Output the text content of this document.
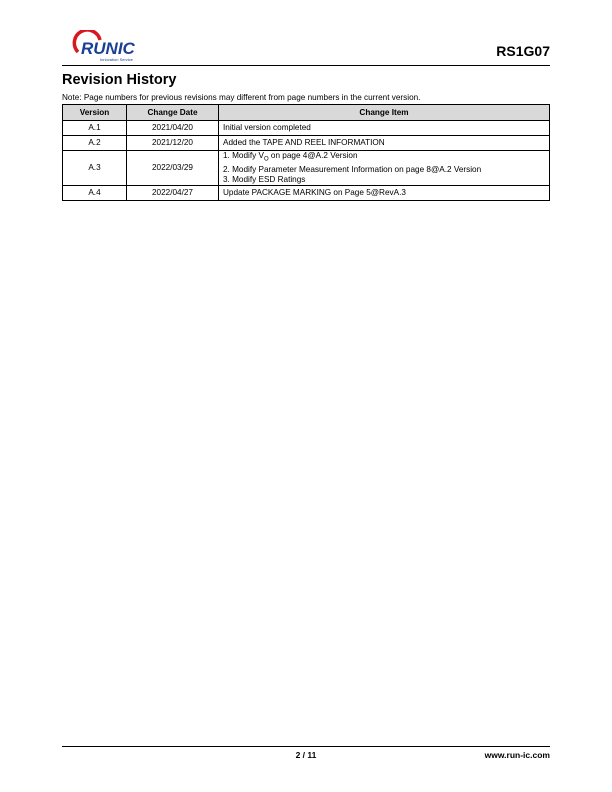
RUNIC
Innovation Service
RS1G07
Revision History

Note: Page numbers for previous revisions may different from page numbers in the current version.

Version	Change Date	Change Item
A.1	2021/04/20	Initial version completed
A.2	2021/12/20	Added the TAPE AND REEL INFORMATION
A.3	2022/03/29	1. Modify $V_O$ on page 4@A.2 Version
2. Modify Parameter Measurement Information on page 8@A.2 Version
3. Modify ESD Ratings

A.4	2022/04/27	Update PACKAGE MARKING on Page 5@RevA.3
2 / 11	www.run-ic.com
